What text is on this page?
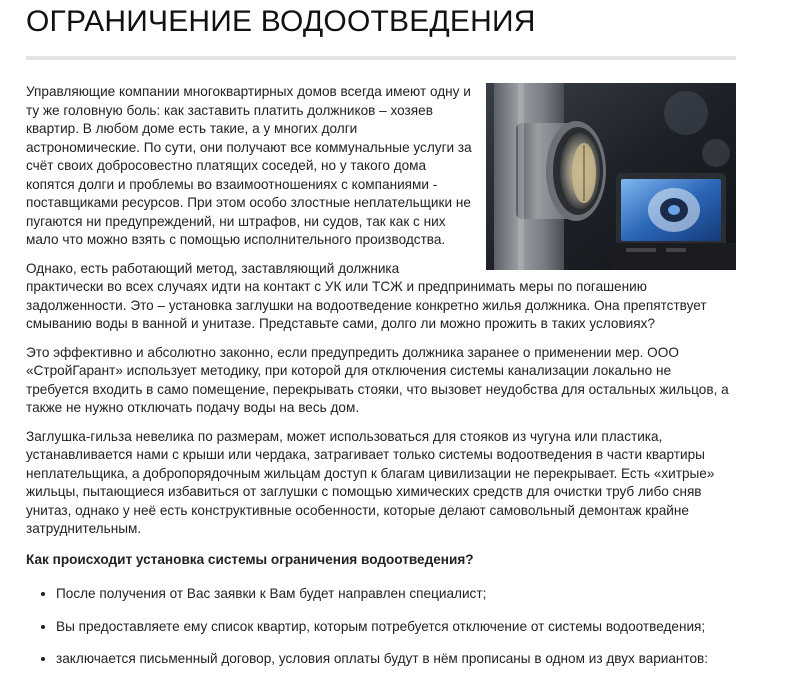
ОГРАНИЧЕНИЕ ВОДООТВЕДЕНИЯ

Управляющие компании многоквартирных домов всегда имеют одну и ту же головную боль: как заставить платить должников – хозяев квартир. В любом доме есть такие, а у многих долги астрономические. По сути, они получают все коммунальные услуги за счёт своих добросовестно платящих соседей, но у такого дома копятся долги и проблемы во взаимоотношениях с компаниями - поставщиками ресурсов. При этом особо злостные неплательщики не пугаются ни предупреждений, ни штрафов, ни судов, так как с них мало что можно взять с помощью исполнительного производства.

Однако, есть работающий метод, заставляющий должника практически во всех случаях идти на контакт с УК или ТСЖ и предпринимать меры по погашению задолженности. Это – установка заглушки на водоотведение конкретно жилья должника. Она препятствует смыванию воды в ванной и унитазе. Представьте сами, долго ли можно прожить в таких условиях?

Это эффективно и абсолютно законно, если предупредить должника заранее о применении мер. ООО «СтройГарант» использует методику, при которой для отключения системы канализации локально не требуется входить в само помещение, перекрывать стояки, что вызовет неудобства для остальных жильцов, а также не нужно отключать подачу воды на весь дом.

Заглушка-гильза невелика по размерам, может использоваться для стояков из чугуна или пластика, устанавливается нами с крыши или чердака, затрагивает только системы водоотведения в части квартиры неплательщика, а добропорядочным жильцам доступ к благам цивилизации не перекрывает. Есть «хитрые» жильцы, пытающиеся избавиться от заглушки с помощью химических средств для очистки труб либо сняв унитаз, однако у неё есть конструктивные особенности, которые делают самовольный демонтаж крайне затруднительным.

Как происходит установка системы ограничения водоотведения?

• После получения от Вас заявки к Вам будет направлен специалист;
• Вы предоставляете ему список квартир, которым потребуется отключение от системы водоотведения;
• заключается письменный договор, условия оплаты будут в нём прописаны в одном из двух вариантов:
